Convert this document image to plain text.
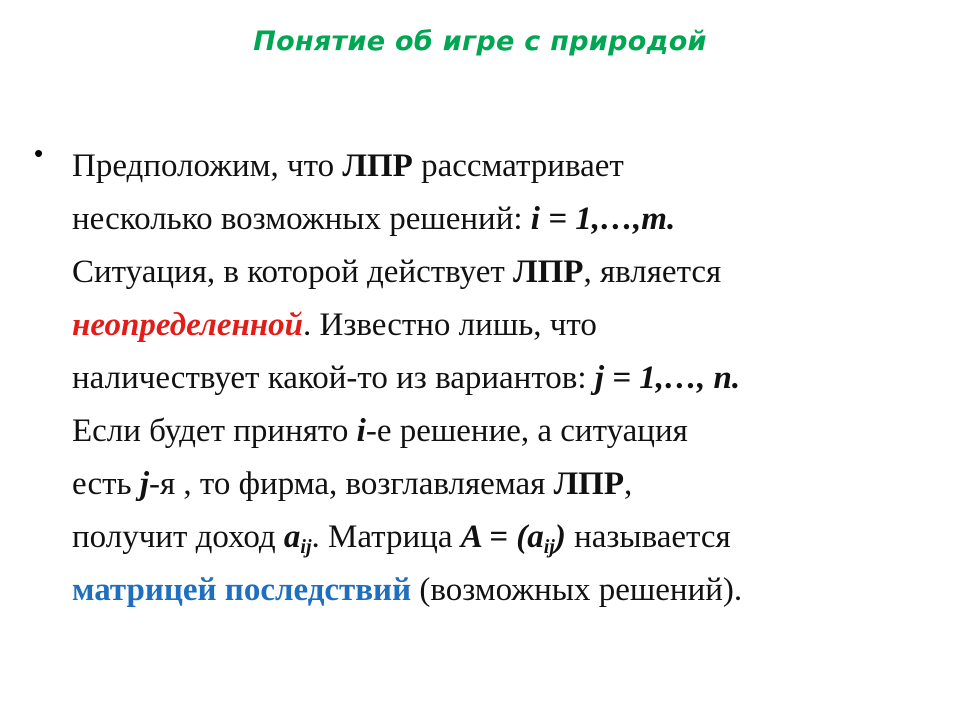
Понятие об игре с природой
• Предположим, что ЛПР рассматривает
несколько возможных решений: i = 1,…,m.
Ситуация, в которой действует ЛПР, является
неопределенной. Известно лишь, что
наличествует какой-то из вариантов: j = 1,…, n.
Если будет принято i-е решение, а ситуация
есть j-я , то фирма, возглавляемая ЛПР,
получит доход $a_{ij}$. Матрица $A = (a_{ij})$ называется
матрицей последствий (возможных решений).
